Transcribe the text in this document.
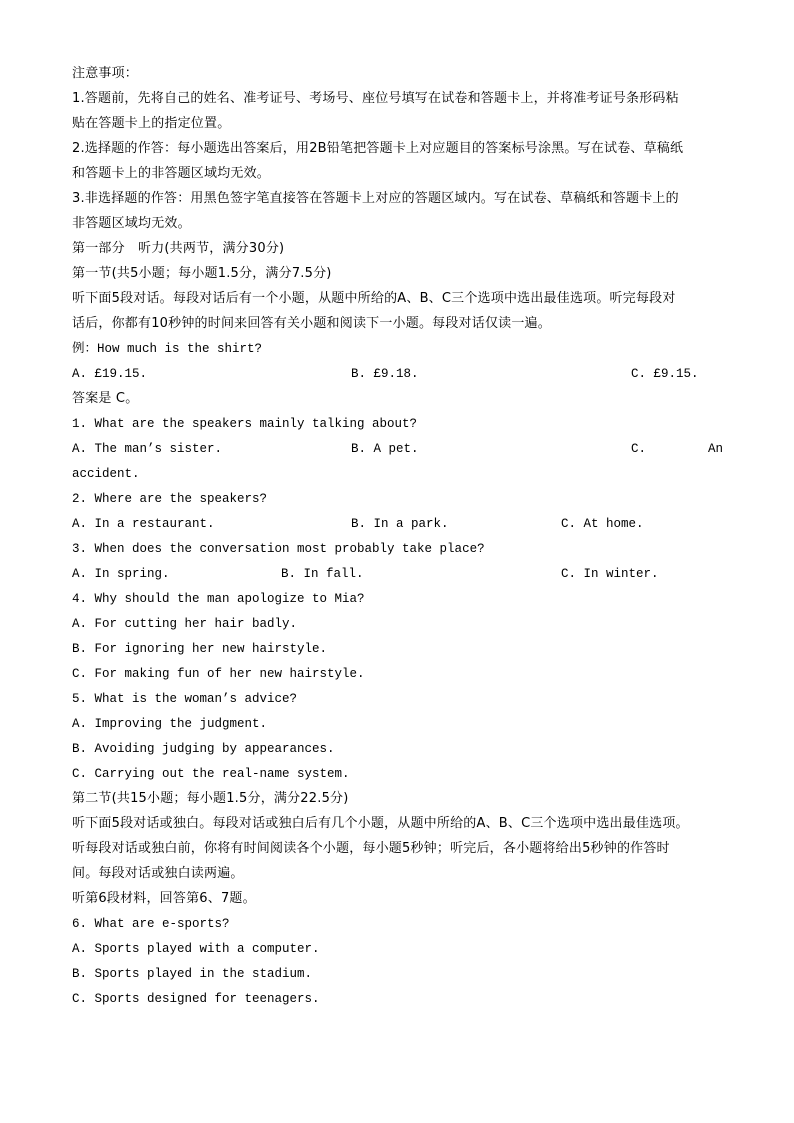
注意事项：
1.答题前，先将自己的姓名、准考证号、考场号、座位号填写在试卷和答题卡上，并将准考证号条形码粘
贴在答题卡上的指定位置。
2.选择题的作答：每小题选出答案后，用2B铅笔把答题卡上对应题目的答案标号涂黑。写在试卷、草稿纸
和答题卡上的非答题区域均无效。
3.非选择题的作答：用黑色签字笔直接答在答题卡上对应的答题区域内。写在试卷、草稿纸和答题卡上的
非答题区域均无效。
第一部分　听力(共两节，满分30分)
第一节(共5小题；每小题1.5分，满分7.5分)
听下面5段对话。每段对话后有一个小题，从题中所给的A、B、C三个选项中选出最佳选项。听完每段对
话后，你都有10秒钟的时间来回答有关小题和阅读下一小题。每段对话仅读一遍。
例：How much is the shirt?
A. £19.15.	B. £9.18.	C. £9.15.
答案是 C。
1. What are the speakers mainly talking about?
A. The man’s sister.	B. A pet.	C.	An
accident.
2. Where are the speakers?
A. In a restaurant.	B. In a park.	C. At home.
3. When does the conversation most probably take place?
A. In spring.	B. In fall.	C. In winter.
4. Why should the man apologize to Mia?
A. For cutting her hair badly.
B. For ignoring her new hairstyle.
C. For making fun of her new hairstyle.
5. What is the woman’s advice?
A. Improving the judgment.
B. Avoiding judging by appearances.
C. Carrying out the real-name system.
第二节(共15小题；每小题1.5分，满分22.5分)
听下面5段对话或独白。每段对话或独白后有几个小题，从题中所给的A、B、C三个选项中选出最佳选项。
听每段对话或独白前，你将有时间阅读各个小题，每小题5秒钟；听完后，各小题将给出5秒钟的作答时
间。每段对话或独白读两遍。
听第6段材料，回答第6、7题。
6. What are e-sports?
A. Sports played with a computer.
B. Sports played in the stadium.
C. Sports designed for teenagers.
